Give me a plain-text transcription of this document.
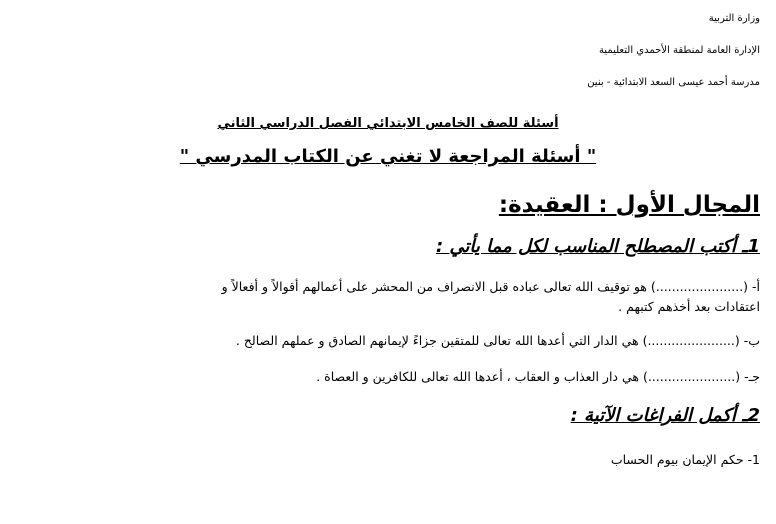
وزارة التربية
الإدارة العامة لمنطقة الأحمدي التعليمية
مدرسة أحمد عيسى السعد الابتدائية - بنين
أسئلة للصف الخامس الابتدائي الفصل الدراسي الثاني
" أسئلة المراجعة لا تغني عن الكتاب المدرسي "
المجال الأول : العقيدة:
1ـ أكتب المصطلح المناسب لكل مما يأتي :
أ- (......................) هو توقيف الله تعالى عباده قبل الانصراف من المحشر على أعمالهم أقوالاً و أفعالاً و
اعتقادات بعد أخذهم كتبهم .
ب- (......................) هي الدار التي أعدها الله تعالى للمتقين جزاءً لإيمانهم الصادق و عملهم الصالح .
جـ- (......................) هي دار العذاب و العقاب ، أعدها الله تعالى للكافرين و العصاة .
2ـ أكمل الفراغات الآتية :
1- حكم الإيمان بيوم الحساب
